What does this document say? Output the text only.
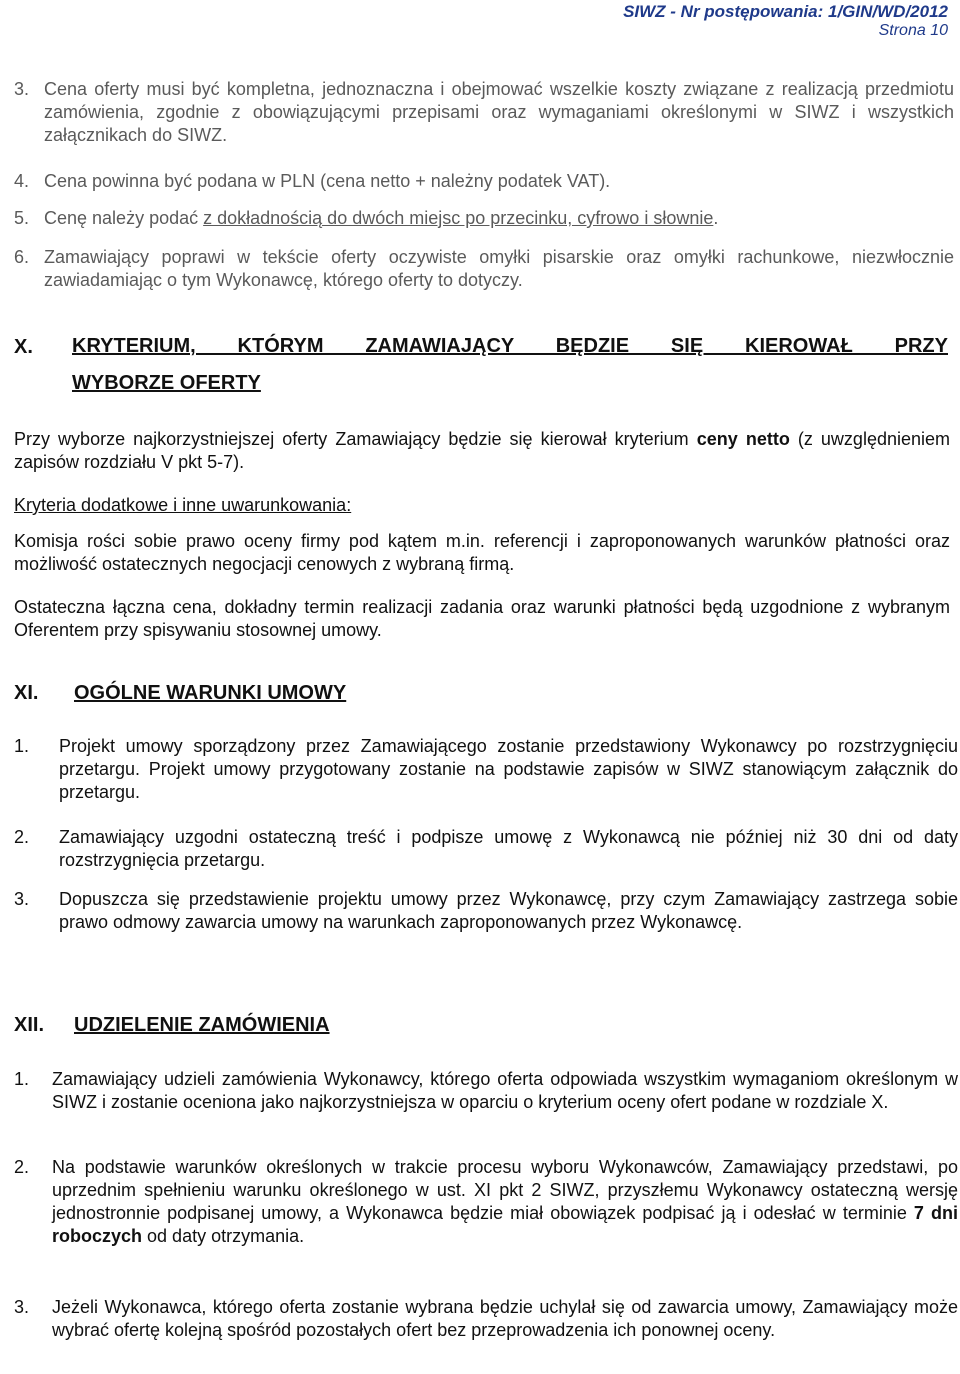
SIWZ - Nr postępowania: 1/GIN/WD/2012
Strona 10
3. Cena oferty musi być kompletna, jednoznaczna i obejmować wszelkie koszty związane z realizacją przedmiotu zamówienia, zgodnie z obowiązującymi przepisami oraz wymaganiami określonymi w SIWZ i wszystkich załącznikach do SIWZ.
4. Cena powinna być podana w PLN (cena netto + należny podatek VAT).
5. Cenę należy podać z dokładnością do dwóch miejsc po przecinku, cyfrowo i słownie.
6. Zamawiający poprawi w tekście oferty oczywiste omyłki pisarskie oraz omyłki rachunkowe, niezwłocznie zawiadamiając o tym Wykonawcę, którego oferty to dotyczy.
X. KRYTERIUM, KTÓRYM ZAMAWIAJĄCY BĘDZIE SIĘ KIEROWAŁ PRZY
WYBORZE OFERTY
Przy wyborze najkorzystniejszej oferty Zamawiający będzie się kierował kryterium ceny netto (z uwzględnieniem zapisów rozdziału V pkt 5-7).
Kryteria dodatkowe i inne uwarunkowania:
Komisja rości sobie prawo oceny firmy pod kątem m.in. referencji i zaproponowanych warunków płatności oraz możliwość ostatecznych negocjacji cenowych z wybraną firmą.
Ostateczna łączna cena, dokładny termin realizacji zadania oraz warunki płatności będą uzgodnione z wybranym Oferentem przy spisywaniu stosownej umowy.
XI. OGÓLNE WARUNKI UMOWY
1. Projekt umowy sporządzony przez Zamawiającego zostanie przedstawiony Wykonawcy po rozstrzygnięciu przetargu. Projekt umowy przygotowany zostanie na podstawie zapisów w SIWZ stanowiącym załącznik do przetargu.
2. Zamawiający uzgodni ostateczną treść i podpisze umowę z Wykonawcą nie później niż 30 dni od daty rozstrzygnięcia przetargu.
3. Dopuszcza się przedstawienie projektu umowy przez Wykonawcę, przy czym Zamawiający zastrzega sobie prawo odmowy zawarcia umowy na warunkach zaproponowanych przez Wykonawcę.
XII. UDZIELENIE ZAMÓWIENIA
1. Zamawiający udzieli zamówienia Wykonawcy, którego oferta odpowiada wszystkim wymaganiom określonym w SIWZ i zostanie oceniona jako najkorzystniejsza w oparciu o kryterium oceny ofert podane w rozdziale X.
2. Na podstawie warunków określonych w trakcie procesu wyboru Wykonawców, Zamawiający przedstawi, po uprzednim spełnieniu warunku określonego w ust. XI pkt 2 SIWZ, przyszłemu Wykonawcy ostateczną wersję jednostronnie podpisanej umowy, a Wykonawca będzie miał obowiązek podpisać ją i odesłać w terminie 7 dni roboczych od daty otrzymania.
3. Jeżeli Wykonawca, którego oferta zostanie wybrana będzie uchylał się od zawarcia umowy, Zamawiający może wybrać ofertę kolejną spośród pozostałych ofert bez przeprowadzenia ich ponownej oceny.
